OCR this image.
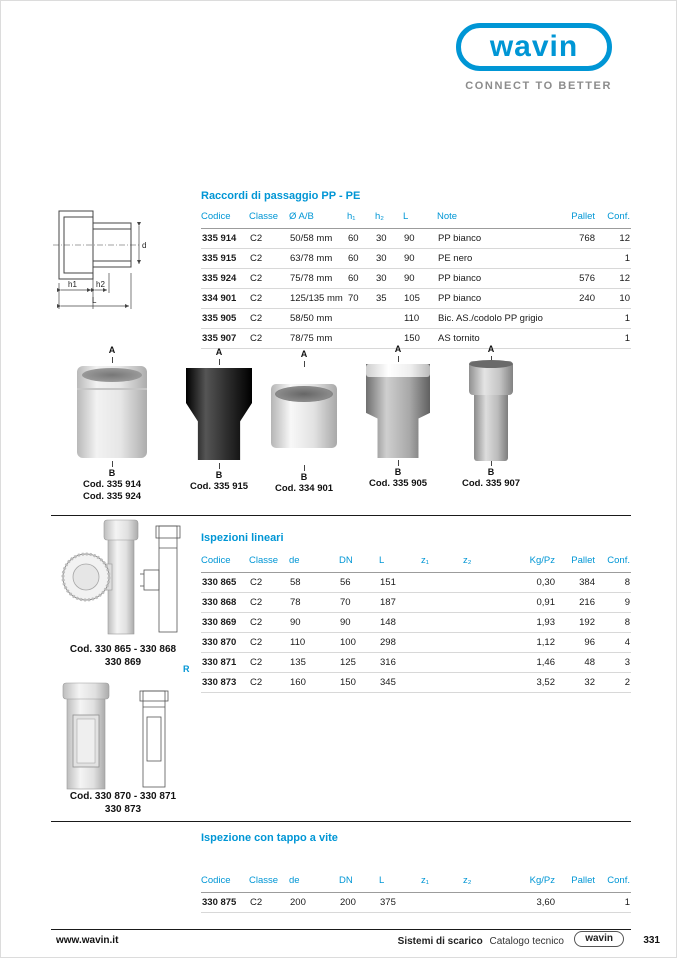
wavin
CONNECT TO BETTER
Raccordi di passaggio PP - PE
h1 h2
L
d
Codice	Classe	Ø A/B	h₁	h₂	L	Note	Pallet	Conf.
335 914	C2	50/58 mm	60	30	90	PP bianco	768	12
335 915	C2	63/78 mm	60	30	90	PE nero		1
335 924	C2	75/78 mm	60	30	90	PP bianco	576	12
334 901	C2	125/135 mm	70	35	105	PP bianco	240	10
335 905	C2	58/50 mm			110	Bic. AS./codolo PP grigio		1
335 907	C2	78/75 mm			150	AS tornito		1
A
B
Cod. 335 914
Cod. 335 924
A
B
Cod. 335 915
A
B
Cod. 334 901
A
B
Cod. 335 905
A
B
Cod. 335 907
Ispezioni lineari
Cod. 330 865 - 330 868
330 869
R
Cod. 330 870 - 330 871
330 873
Codice	Classe	de	DN	L	z₁	z₂	Kg/Pz	Pallet	Conf.
330 865	C2	58	56	151			0,30	384	8
330 868	C2	78	70	187			0,91	216	9
330 869	C2	90	90	148			1,93	192	8
330 870	C2	110	100	298			1,12	96	4
330 871	C2	135	125	316			1,46	48	3
330 873	C2	160	150	345			3,52	32	2
Ispezione con tappo a vite
Codice	Classe	de	DN	L	z₁	z₂	Kg/Pz	Pallet	Conf.
330 875	C2	200	200	375			3,60		1
www.wavin.it	Sistemi di scarico Catalogo tecnico	wavin	331
